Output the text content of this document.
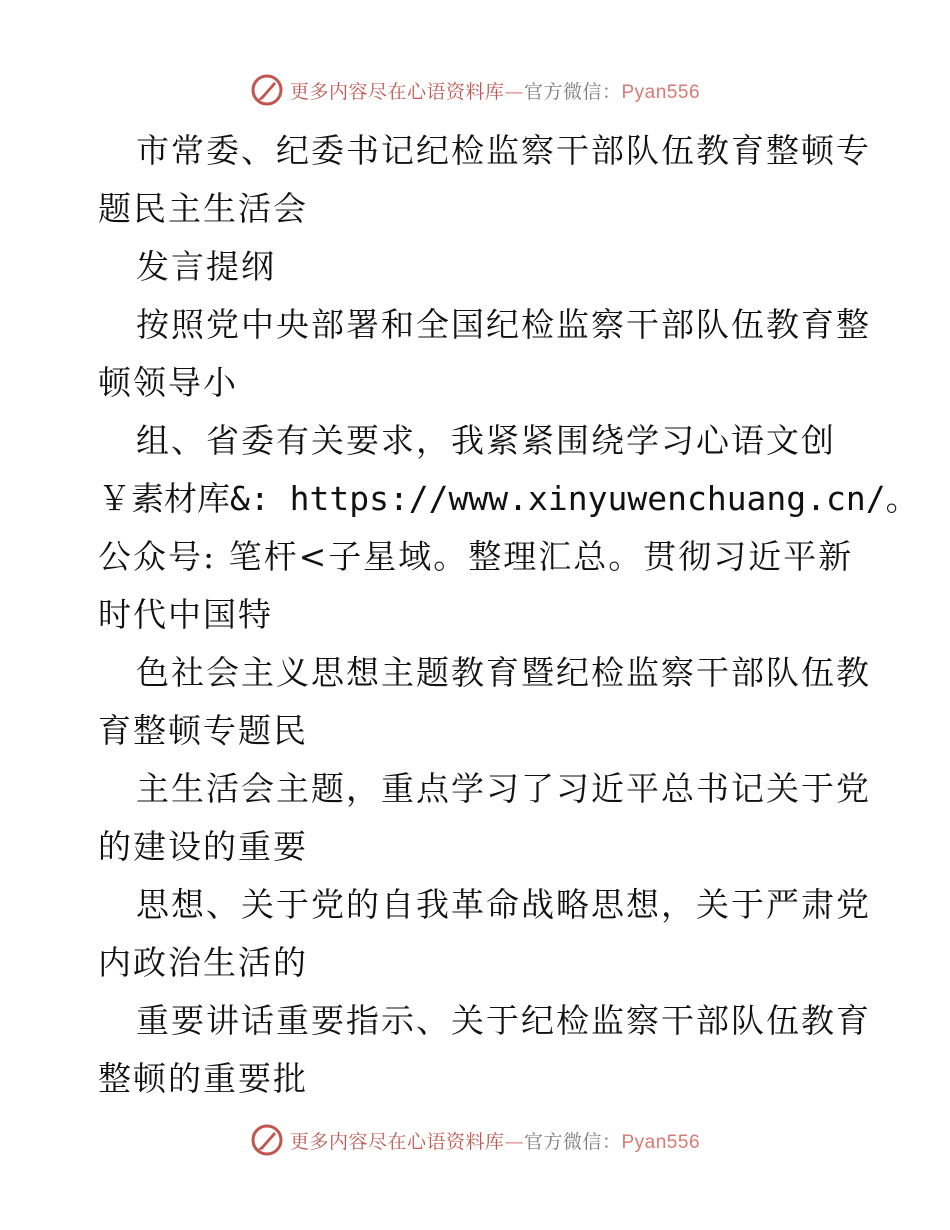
更多内容尽在心语资料库—官方微信：Pyan556
市常委、纪委书记纪检监察干部队伍教育整顿专
题民主生活会
发言提纲
按照党中央部署和全国纪检监察干部队伍教育整
顿领导小
组、省委有关要求，我紧紧围绕学习心语文创
￥素材库&: https://www.xinyuwenchuang.cn/。
公众号: 笔杆<子星域。整理汇总。贯彻习近平新
时代中国特
色社会主义思想主题教育暨纪检监察干部队伍教
育整顿专题民
主生活会主题，重点学习了习近平总书记关于党
的建设的重要
思想、关于党的自我革命战略思想，关于严肃党
内政治生活的
重要讲话重要指示、关于纪检监察干部队伍教育
整顿的重要批
更多内容尽在心语资料库—官方微信：Pyan556
